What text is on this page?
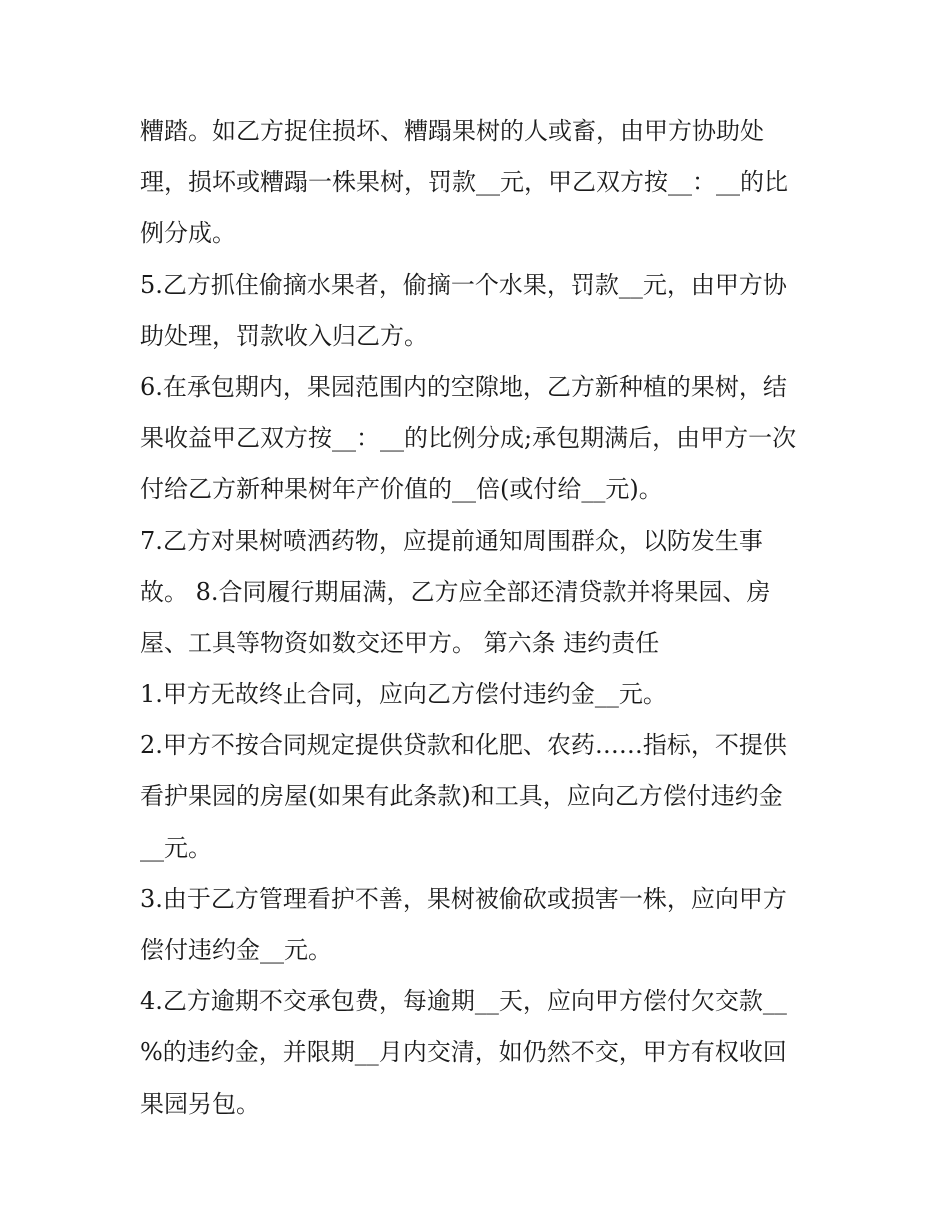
糟踏。如乙方捉住损坏、糟蹋果树的人或畜，由甲方协助处
理，损坏或糟蹋一株果树，罚款__元，甲乙双方按__：__的比
例分成。
5.乙方抓住偷摘水果者，偷摘一个水果，罚款__元，由甲方协
助处理，罚款收入归乙方。
6.在承包期内，果园范围内的空隙地，乙方新种植的果树，结
果收益甲乙双方按__：__的比例分成;承包期满后，由甲方一次
付给乙方新种果树年产价值的__倍(或付给__元)。
7.乙方对果树喷洒药物，应提前通知周围群众，以防发生事
故。 8.合同履行期届满，乙方应全部还清贷款并将果园、房
屋、工具等物资如数交还甲方。 第六条 违约责任
1.甲方无故终止合同，应向乙方偿付违约金__元。
2.甲方不按合同规定提供贷款和化肥、农药……指标，不提供
看护果园的房屋(如果有此条款)和工具，应向乙方偿付违约金
__元。
3.由于乙方管理看护不善，果树被偷砍或损害一株，应向甲方
偿付违约金__元。
4.乙方逾期不交承包费，每逾期__天，应向甲方偿付欠交款__
%的违约金，并限期__月内交清，如仍然不交，甲方有权收回
果园另包。
